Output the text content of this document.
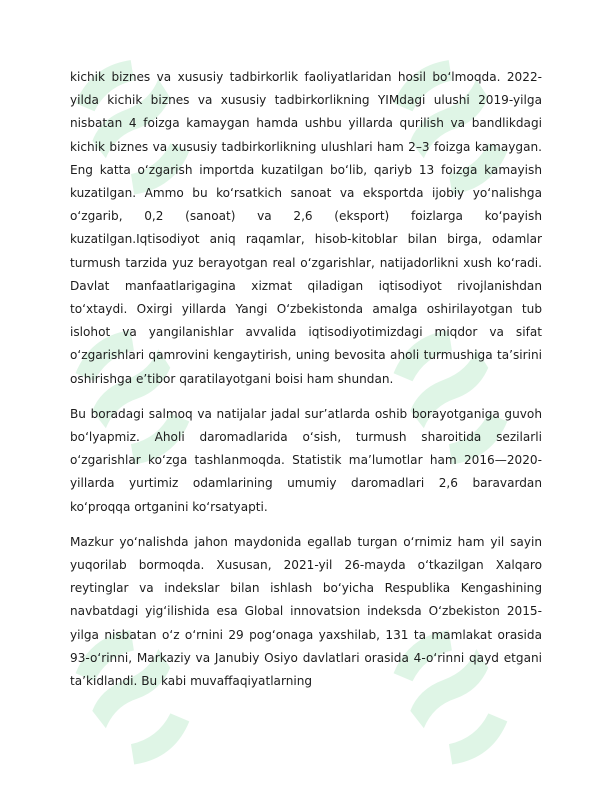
kichik biznes va xususiy tadbirkorlik faoliyatlaridan hosil bo‘lmoqda. 2022-yilda kichik biznes va xususiy tadbirkorlikning YIMdagi ulushi 2019-yilga nisbatan 4 foizga kamaygan hamda ushbu yillarda qurilish va bandlikdagi kichik biznes va xususiy tadbirkorlikning ulushlari ham 2–3 foizga kamaygan. Eng katta o‘zgarish importda kuzatilgan bo‘lib, qariyb 13 foizga kamayish kuzatilgan. Ammo bu ko‘rsatkich sanoat va eksportda ijobiy yo‘nalishga o‘zgarib, 0,2 (sanoat) va 2,6 (eksport) foizlarga ko‘payish kuzatilgan.Iqtisodiyot aniq raqamlar, hisob-kitoblar bilan birga, odamlar turmush tarzida yuz berayotgan real o‘zgarishlar, natijadorlikni xush ko‘radi. Davlat manfaatlarigagina xizmat qiladigan iqtisodiyot rivojlanishdan to‘xtaydi. Oxirgi yillarda Yangi O‘zbekistonda amalga oshirilayotgan tub islohot va yangilanishlar avvalida iqtisodiyotimizdagi miqdor va sifat o‘zgarishlari qamrovini kengaytirish, uning bevosita aholi turmushiga ta’sirini oshirishga e’tibor qaratilayotgani boisi ham shundan.

Bu boradagi salmoq va natijalar jadal sur’atlarda oshib borayotganiga guvoh bo‘lyapmiz. Aholi daromadlarida o‘sish, turmush sharoitida sezilarli o‘zgarishlar ko‘zga tashlanmoqda. Statistik ma’lumotlar ham 2016—2020-yillarda yurtimiz odamlarining umumiy daromadlari 2,6 baravardan ko‘proqqa ortganini ko‘rsatyapti.

Mazkur yo‘nalishda jahon maydonida egallab turgan o‘rnimiz ham yil sayin yuqorilab bormoqda. Xususan, 2021-yil 26-mayda o‘tkazilgan Xalqaro reytinglar va indekslar bilan ishlash bo‘yicha Respublika Kengashining navbatdagi yig‘ilishida esa Global innovatsion indeksda O‘zbekiston 2015-yilga nisbatan o‘z o‘rnini 29 pog‘onaga yaxshilab, 131 ta mamlakat orasida 93-o‘rinni, Markaziy va Janubiy Osiyo davlatlari orasida 4-o‘rinni qayd etgani ta’kidlandi. Bu kabi muvaffaqiyatlarning
